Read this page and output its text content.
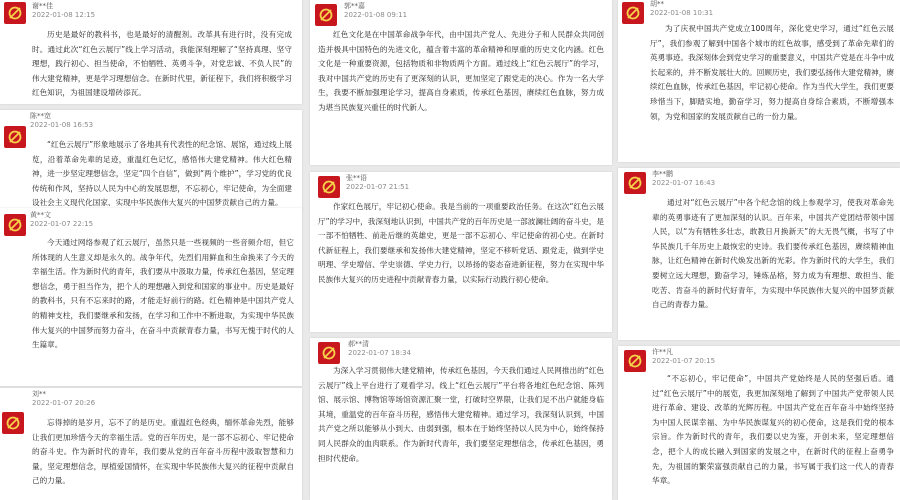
谢**佳
2022-01-08 12:15
历史是最好的教科书，也是最好的清醒剂。改革具有进行时，没有完成时。通过此次“红色云展厅”线上学习活动，我能深刻理解了“坚持真理、坚守理想，践行初心、担当使命，不怕牺牲、英勇斗争，对党忠诚、不负人民”的伟大建党精神，更是学习理想信念。在新时代里，新征程下，我们将积极学习红色知识，为祖国建设增砖添瓦。
陈**宽
2022-01-08 16:53
“红色云展厅”形象地展示了各地具有代表性的纪念馆、展馆，通过线上展览，沿着革命先辈的足迹，重温红色记忆，感悟伟大建党精神。伟大红色精神，进一步坚定理想信念，坚定“四个自信”，做到“两个维护”，学习党的优良传统和作风，坚持以人民为中心的发展思想，不忘初心，牢记使命，为全面建设社会主义现代化国家、实现中华民族伟大复兴的中国梦贡献自己的力量。
黄**文
2022-01-07 22:15
今天通过网络参观了红云展厅，虽然只是一些视频的一些音频介绍，但它所体现的人生意义却是永久的。战争年代，先烈们用鲜血和生命换来了今天的幸福生活。作为新时代的青年，我们要从中汲取力量，传承红色基因，坚定理想信念，勇于担当作为，把个人的理想融入到党和国家的事业中。历史是最好的教科书，只有不忘来时的路，才能走好前行的路。红色精神是中国共产党人的精神支柱，我们要继承和发扬，在学习和工作中不断进取，为实现中华民族伟大复兴的中国梦而努力奋斗，在奋斗中贡献青春力量，书写无愧于时代的人生篇章。
刘**
2022-01-07 20:26
忘得掉的是岁月，忘不了的是历史。重温红色经典，缅怀革命先烈，能够让我们更加珍惜今天的幸福生活。党的百年历史，是一部不忘初心、牢记使命的奋斗史。作为新时代的青年，我们要从党的百年奋斗历程中汲取智慧和力量，坚定理想信念，厚植爱国情怀，在实现中华民族伟大复兴的征程中贡献自己的力量。
郭**嘉
2022-01-08 09:11
红色文化是在中国革命战争年代，由中国共产党人、先进分子和人民群众共同创造并极具中国特色的先进文化，蕴含着丰富的革命精神和厚重的历史文化内涵。红色文化是一种重要资源，包括物质和非物质两个方面。通过线上“红色云展厅”的学习，我对中国共产党的历史有了更深刻的认识，更加坚定了跟党走的决心。作为一名大学生，我要不断加强理论学习，提高自身素质，传承红色基因，赓续红色血脉，努力成为堪当民族复兴重任的时代新人。
张**语
2022-01-07 21:51
作家红色展厅，牢记初心使命。我是当前的一项重要政治任务。在这次“红色云展厅”的学习中，我深刻地认识到，中国共产党的百年历史是一部波澜壮阔的奋斗史，是一部不怕牺牲、前赴后继的英雄史，更是一部不忘初心、牢记使命的初心史。在新时代新征程上，我们要继承和发扬伟大建党精神，坚定不移听党话、跟党走，做到学史明理、学史增信、学史崇德、学史力行，以昂扬的姿态奋进新征程，努力在实现中华民族伟大复兴的历史进程中贡献青春力量，以实际行动践行初心使命。
郝**清
2022-01-07 18:34
为深入学习贯彻伟大建党精神，传承红色基因，今天我们通过人民网推出的“红色云展厅”线上平台进行了观看学习。线上“红色云展厅”平台将各地红色纪念馆、陈列馆、展示馆、博物馆等场馆资源汇聚一堂，打破时空界限，让我们足不出户就能身临其境，重温党的百年奋斗历程，感悟伟大建党精神。通过学习，我深刻认识到，中国共产党之所以能够从小到大、由弱到强，根本在于始终坚持以人民为中心，始终保持同人民群众的血肉联系。作为新时代青年，我们要坚定理想信念，传承红色基因，勇担时代使命。
胡**
2022-01-08 10:31
为了庆祝中国共产党成立100周年，深化党史学习，通过“红色云展厅”，我们参观了解到中国各个城市的红色故事，感受到了革命先辈们的英勇事迹。我深刻体会到党史学习的重要意义，中国共产党是在斗争中成长起来的，并不断发展壮大的。回顾历史，我们要弘扬伟大建党精神，赓续红色血脉，传承红色基因，牢记初心使命。作为当代大学生，我们更要珍惜当下，脚踏实地，勤奋学习，努力提高自身综合素质，不断增强本领，为党和国家的发展贡献自己的一份力量。
李**鹏
2022-01-07 16:43
通过对“红色云展厅”中各个纪念馆的线上参观学习，使我对革命先辈的英勇事迹有了更加深刻的认识。百年来，中国共产党团结带领中国人民，以“为有牺牲多壮志，敢教日月换新天”的大无畏气概，书写了中华民族几千年历史上最恢宏的史诗。我们要传承红色基因，赓续精神血脉，让红色精神在新时代焕发出新的光彩。作为新时代的大学生，我们要树立远大理想，勤奋学习，锤炼品格，努力成为有理想、敢担当、能吃苦、肯奋斗的新时代好青年，为实现中华民族伟大复兴的中国梦贡献自己的青春力量。
许**凡
2022-01-07 20:15
“不忘初心，牢记使命”，中国共产党始终是人民的坚强后盾。通过“红色云展厅”中的展览，我更加深刻地了解到了中国共产党带领人民进行革命、建设、改革的光辉历程。中国共产党在百年奋斗中始终坚持为中国人民谋幸福、为中华民族谋复兴的初心使命，这是我们党的根本宗旨。作为新时代的青年，我们要以史为鉴，开创未来，坚定理想信念，把个人的成长融入到国家的发展之中，在新时代的征程上奋勇争先，为祖国的繁荣富强贡献自己的力量，书写属于我们这一代人的青春华章。
